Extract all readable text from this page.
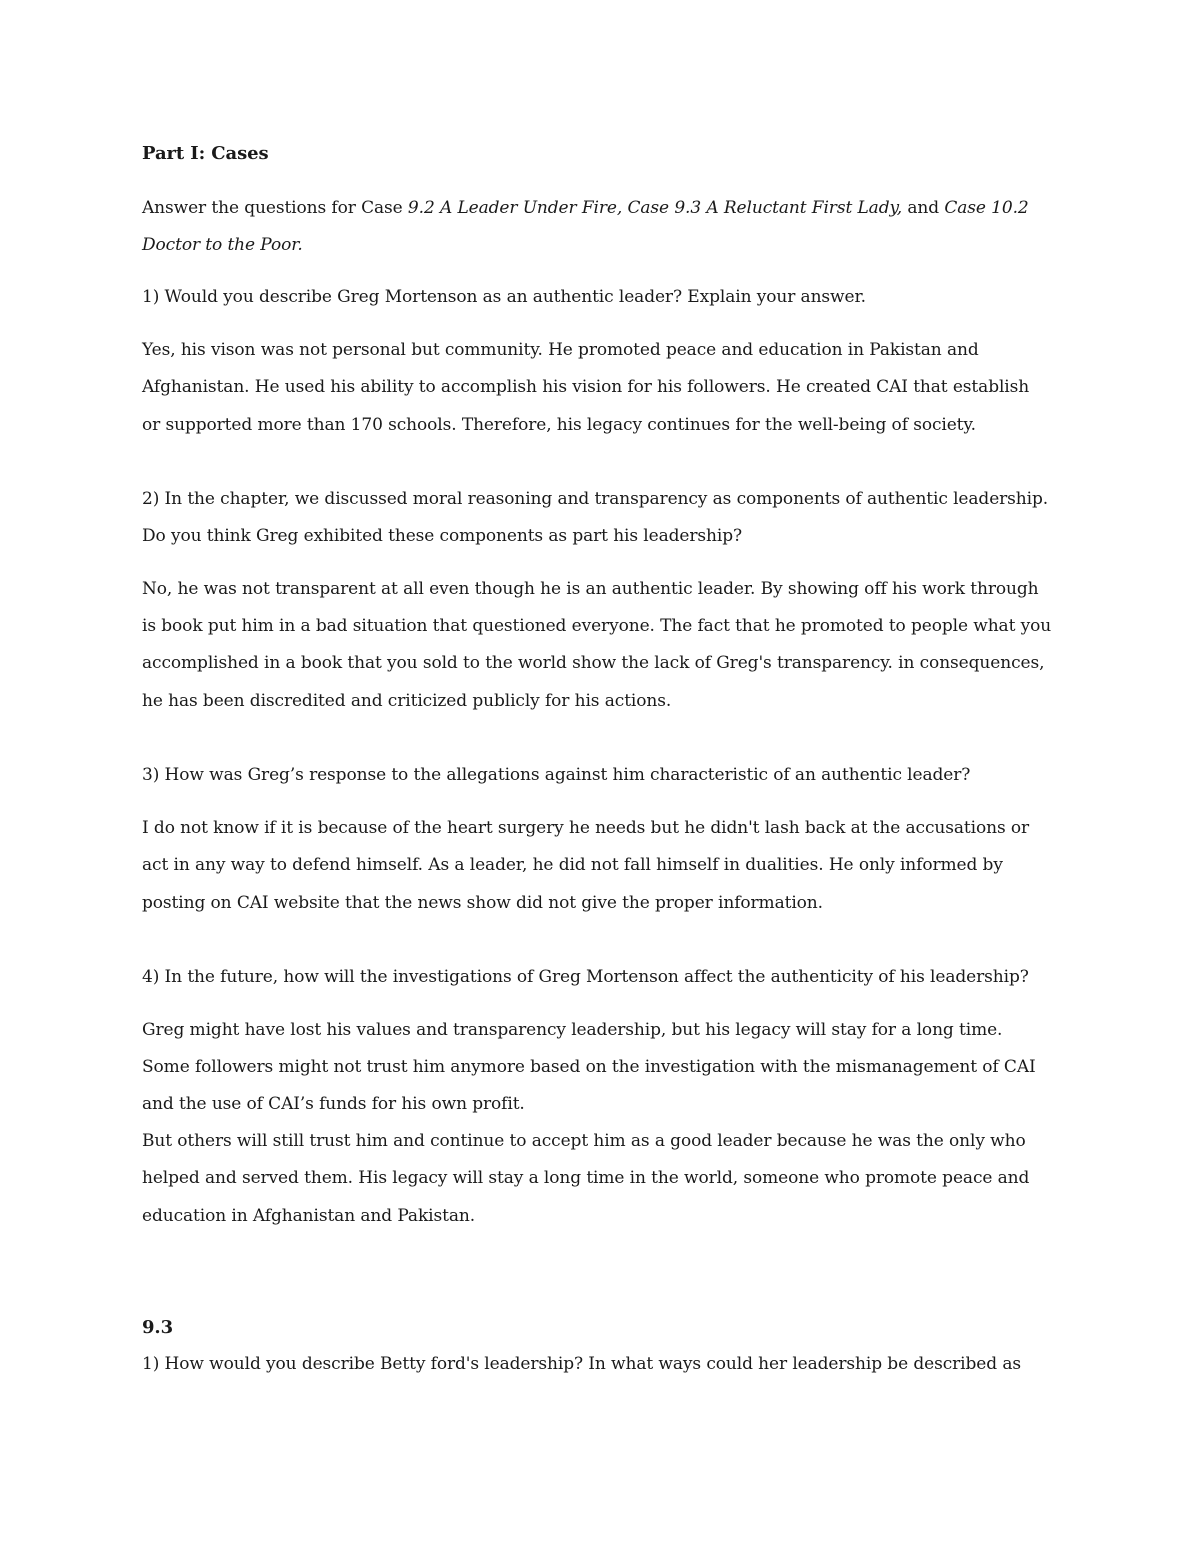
Part I: Cases
Answer the questions for Case 9.2 A Leader Under Fire, Case 9.3 A Reluctant First Lady, and Case 10.2
Doctor to the Poor.
1) Would you describe Greg Mortenson as an authentic leader? Explain your answer.
Yes, his vison was not personal but community. He promoted peace and education in Pakistan and
Afghanistan. He used his ability to accomplish his vision for his followers. He created CAI that establish
or supported more than 170 schools. Therefore, his legacy continues for the well-being of society.
2) In the chapter, we discussed moral reasoning and transparency as components of authentic leadership.
Do you think Greg exhibited these components as part his leadership?
No, he was not transparent at all even though he is an authentic leader. By showing off his work through
is book put him in a bad situation that questioned everyone. The fact that he promoted to people what you
accomplished in a book that you sold to the world show the lack of Greg's transparency. in consequences,
he has been discredited and criticized publicly for his actions.
3) How was Greg’s response to the allegations against him characteristic of an authentic leader?
I do not know if it is because of the heart surgery he needs but he didn't lash back at the accusations or
act in any way to defend himself. As a leader, he did not fall himself in dualities. He only informed by
posting on CAI website that the news show did not give the proper information.
4) In the future, how will the investigations of Greg Mortenson affect the authenticity of his leadership?
Greg might have lost his values and transparency leadership, but his legacy will stay for a long time.
Some followers might not trust him anymore based on the investigation with the mismanagement of CAI
and the use of CAI’s funds for his own profit.
But others will still trust him and continue to accept him as a good leader because he was the only who
helped and served them. His legacy will stay a long time in the world, someone who promote peace and
education in Afghanistan and Pakistan.
9.3
1) How would you describe Betty ford's leadership? In what ways could her leadership be described as
